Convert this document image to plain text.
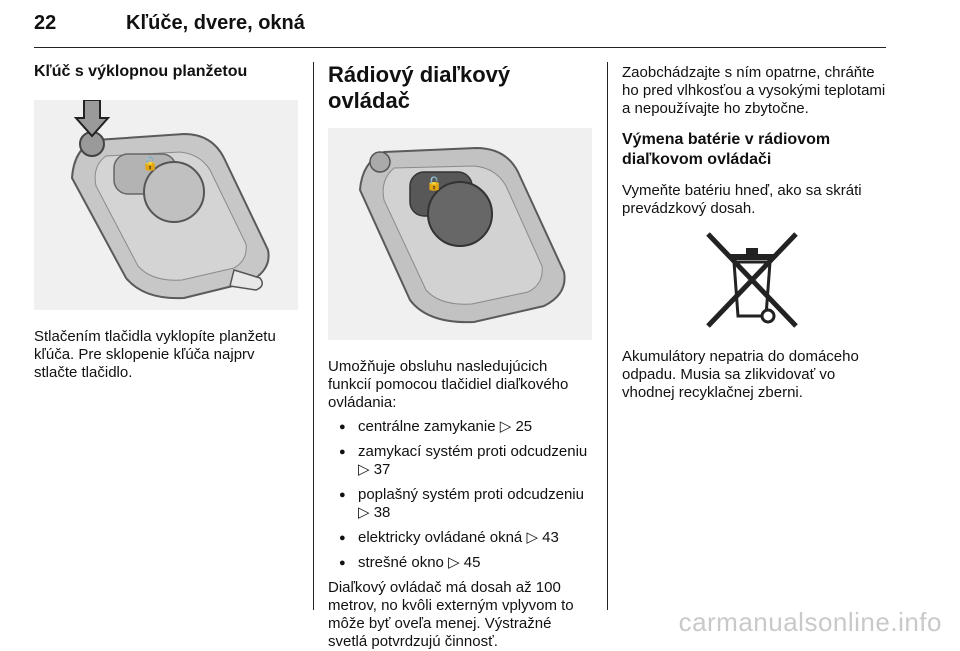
22	Kľúče, dvere, okná
Kľúč s výklopnou planžetou
🔓
Stlačením tlačidla vyklopíte planžetu kľúča. Pre sklopenie kľúča najprv stlačte tlačidlo.
Rádiový diaľkový ovládač
🔓
Umožňuje obsluhu nasledujúcich funkcií pomocou tlačidiel diaľkového ovládania:
● centrálne zamykanie ▷ 25
● zamykací systém proti odcudzeniu ▷ 37
● poplašný systém proti odcudzeniu ▷ 38
● elektricky ovládané okná ▷ 43
● strešné okno ▷ 45
Diaľkový ovládač má dosah až 100 metrov, no kvôli externým vplyvom to môže byť oveľa menej. Výstražné svetlá potvrdzujú činnosť.
Zaobchádzajte s ním opatrne, chráňte ho pred vlhkosťou a vysokými teplotami a nepoužívajte ho zbytočne.
Výmena batérie v rádiovom diaľkovom ovládači
Vymeňte batériu hneď, ako sa skráti prevádzkový dosah.
Akumulátory nepatria do domáceho odpadu. Musia sa zlikvidovať vo vhodnej recyklačnej zberni.
carmanualsonline.info
